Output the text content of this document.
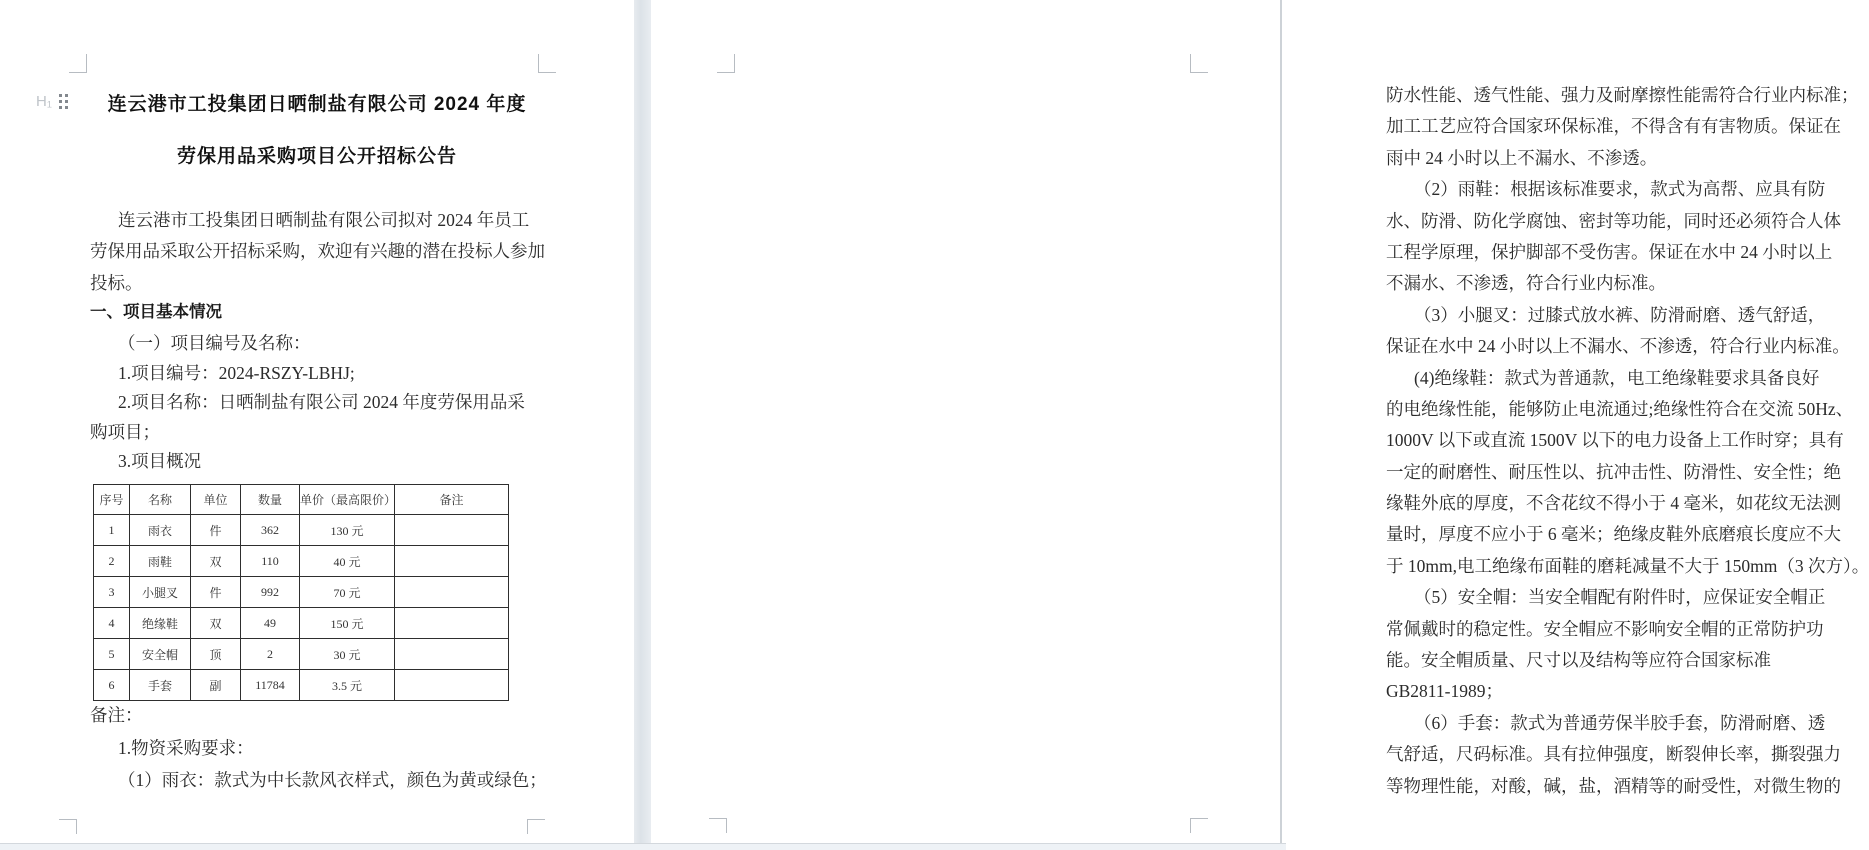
H₁	连云港市工投集团日晒制盐有限公司 2024 年度
劳保用品采购项目公开招标公告
连云港市工投集团日晒制盐有限公司拟对 2024 年员工
劳保用品采取公开招标采购，欢迎有兴趣的潜在投标人参加
投标。
一、项目基本情况
（一）项目编号及名称：
1.项目编号：2024-RSZY-LBHJ;
2.项目名称：日晒制盐有限公司 2024 年度劳保用品采
购项目；
3.项目概况
序号	名称	单位	数量	单价（最高限价）	备注
1	雨衣	件	362	130 元	
2	雨鞋	双	110	40 元	
3	小腿叉	件	992	70 元	
4	绝缘鞋	双	49	150 元	
5	安全帽	顶	2	30 元	
6	手套	副	11784	3.5 元	
备注：
1.物资采购要求：
（1）雨衣：款式为中长款风衣样式，颜色为黄或绿色；
防水性能、透气性能、强力及耐摩擦性能需符合行业内标准；
加工工艺应符合国家环保标准，不得含有有害物质。保证在
雨中 24 小时以上不漏水、不渗透。
（2）雨鞋：根据该标准要求，款式为高帮、应具有防
水、防滑、防化学腐蚀、密封等功能，同时还必须符合人体
工程学原理，保护脚部不受伤害。保证在水中 24 小时以上
不漏水、不渗透，符合行业内标准。
（3）小腿叉：过膝式放水裤、防滑耐磨、透气舒适，
保证在水中 24 小时以上不漏水、不渗透，符合行业内标准。
(4)绝缘鞋：款式为普通款，电工绝缘鞋要求具备良好
的电绝缘性能，能够防止电流通过;绝缘性符合在交流 50Hz、
1000V 以下或直流 1500V 以下的电力设备上工作时穿；具有
一定的耐磨性、耐压性以、抗冲击性、防滑性、安全性；绝
缘鞋外底的厚度，不含花纹不得小于 4 毫米，如花纹无法测
量时，厚度不应小于 6 毫米；绝缘皮鞋外底磨痕长度应不大
于 10mm,电工绝缘布面鞋的磨耗减量不大于 150mm（3 次方）。
（5）安全帽：当安全帽配有附件时，应保证安全帽正
常佩戴时的稳定性。安全帽应不影响安全帽的正常防护功
能。安全帽质量、尺寸以及结构等应符合国家标准
GB2811-1989；
（6）手套：款式为普通劳保半胶手套，防滑耐磨、透
气舒适，尺码标准。具有拉伸强度，断裂伸长率，撕裂强力
等物理性能，对酸，碱，盐，酒精等的耐受性，对微生物的
